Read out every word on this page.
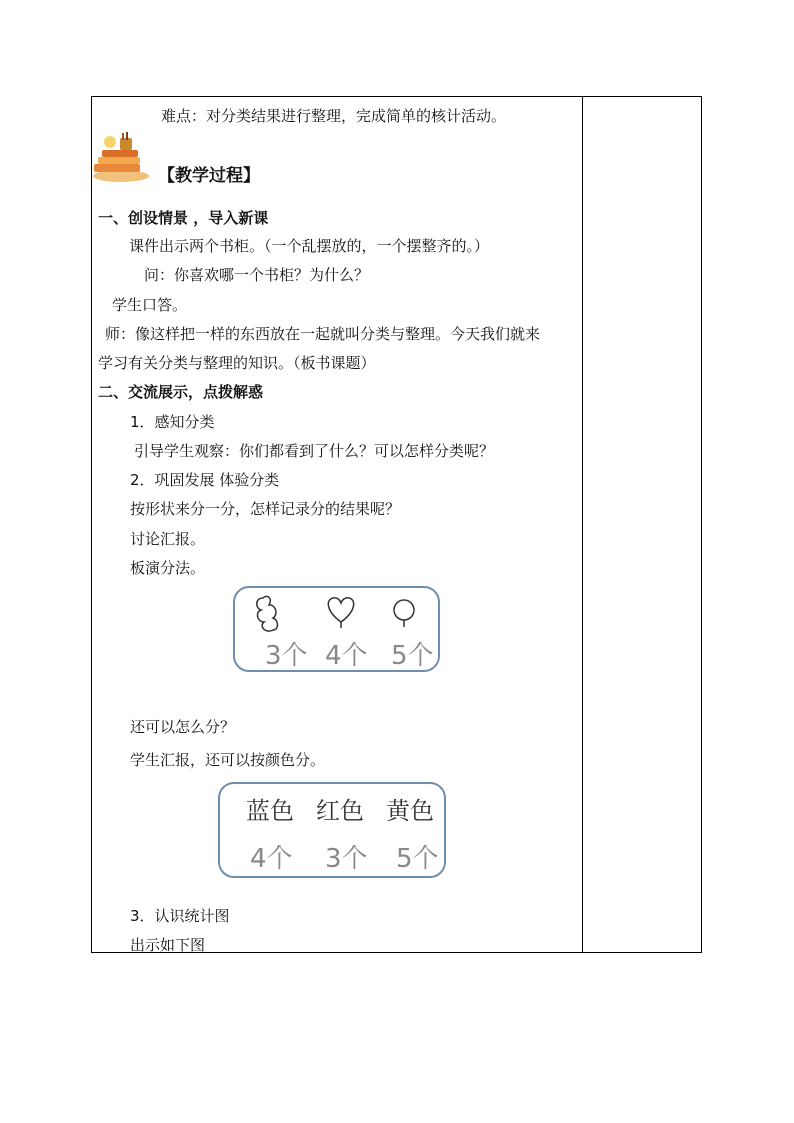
难点：对分类结果进行整理，完成简单的核计活动。
【教学过程】
一、创设情景 ，导入新课
课件出示两个书柜。（一个乱摆放的，一个摆整齐的。）
问：你喜欢哪一个书柜？为什么？
学生口答。
师：像这样把一样的东西放在一起就叫分类与整理。今天我们就来
学习有关分类与整理的知识。（板书课题）
二、交流展示，点拨解惑
1．感知分类
引导学生观察：你们都看到了什么？可以怎样分类呢？
2．巩固发展 体验分类
按形状来分一分，怎样记录分的结果呢？
讨论汇报。
板演分法。
3个 4个 5个
还可以怎么分？
学生汇报，还可以按颜色分。
蓝色 红色 黄色
4个 3个 5个
3．认识统计图
出示如下图
